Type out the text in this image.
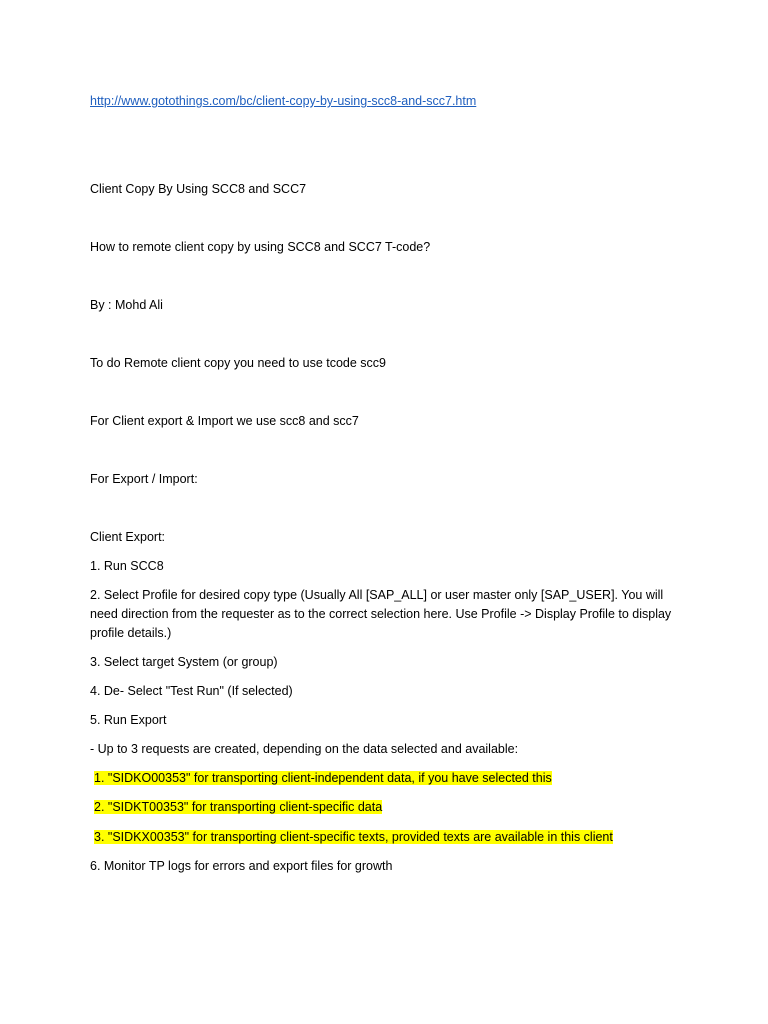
http://www.gotothings.com/bc/client-copy-by-using-scc8-and-scc7.htm
Client Copy By Using SCC8 and SCC7
How to remote client copy by using SCC8 and SCC7 T-code?
By : Mohd Ali
To do Remote client copy you need to use tcode scc9
For Client export & Import we use scc8 and scc7
For Export / Import:
Client Export:
1. Run SCC8
2. Select Profile for desired copy type (Usually All [SAP_ALL] or user master only [SAP_USER]. You will need direction from the requester as to the correct selection here. Use Profile -> Display Profile to display profile details.)
3. Select target System (or group)
4. De- Select "Test Run" (If selected)
5. Run Export
- Up to 3 requests are created, depending on the data selected and available:
1. "SIDKO00353" for transporting client-independent data, if you have selected this
2. "SIDKT00353" for transporting client-specific data
3. "SIDKX00353" for transporting client-specific texts, provided texts are available in this client
6. Monitor TP logs for errors and export files for growth
